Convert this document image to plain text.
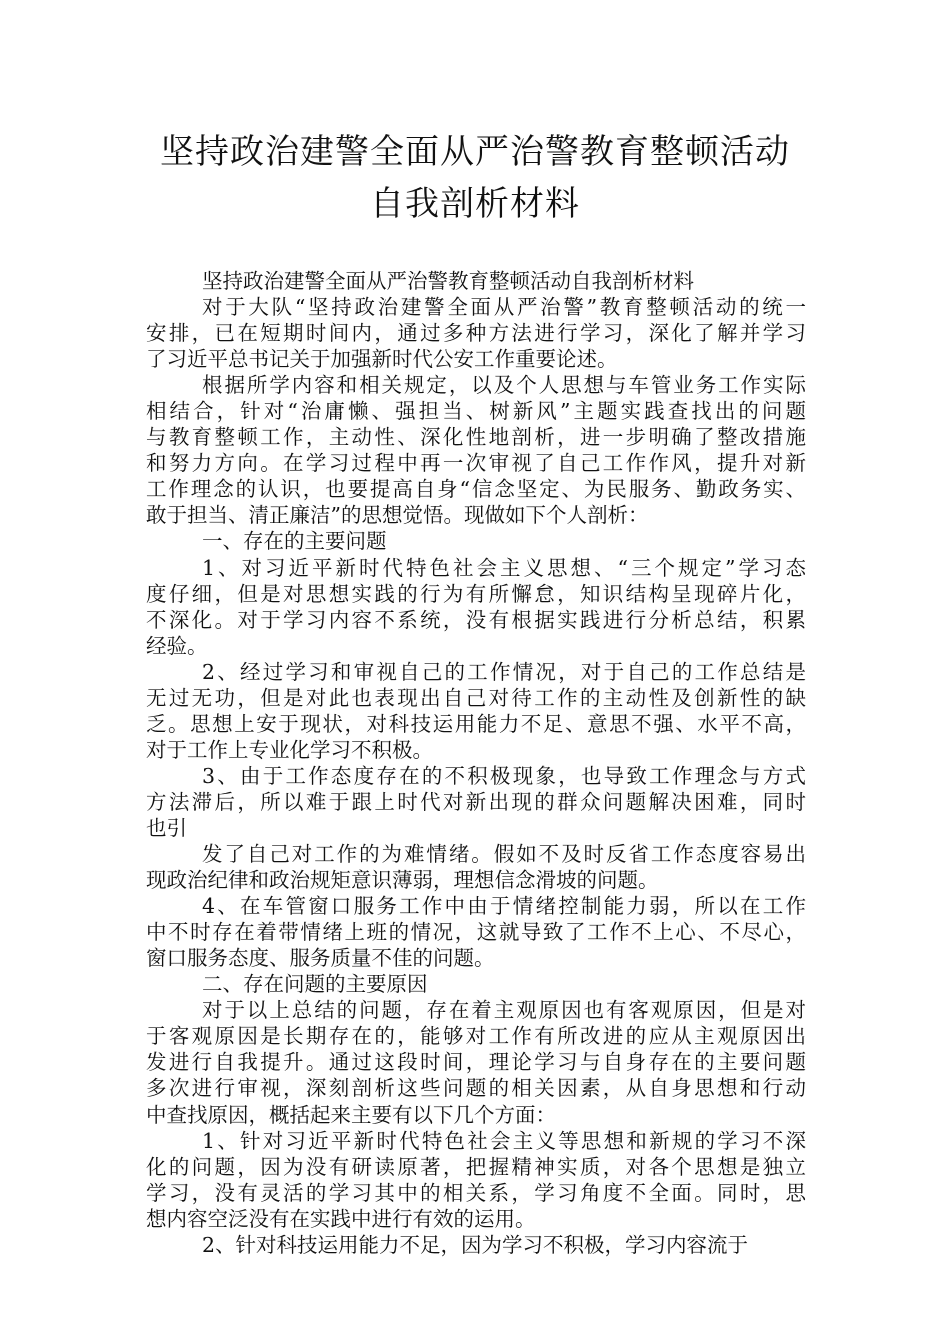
坚持政治建警全面从严治警教育整顿活动
自我剖析材料
坚持政治建警全面从严治警教育整顿活动自我剖析材料
对于大队“坚持政治建警全面从严治警”教育整顿活动的统一
安排，已在短期时间内，通过多种方法进行学习，深化了解并学习
了习近平总书记关于加强新时代公安工作重要论述。
根据所学内容和相关规定，以及个人思想与车管业务工作实际
相结合，针对“治庸懒、强担当、树新风”主题实践查找出的问题
与教育整顿工作，主动性、深化性地剖析，进一步明确了整改措施
和努力方向。在学习过程中再一次审视了自己工作作风，提升对新
工作理念的认识，也要提高自身“信念坚定、为民服务、勤政务实、
敢于担当、清正廉洁”的思想觉悟。现做如下个人剖析：
一、存在的主要问题
1、对习近平新时代特色社会主义思想、“三个规定”学习态
度仔细，但是对思想实践的行为有所懈怠，知识结构呈现碎片化，
不深化。对于学习内容不系统，没有根据实践进行分析总结，积累
经验。
2、经过学习和审视自己的工作情况，对于自己的工作总结是
无过无功，但是对此也表现出自己对待工作的主动性及创新性的缺
乏。思想上安于现状，对科技运用能力不足、意思不强、水平不高，
对于工作上专业化学习不积极。
3、由于工作态度存在的不积极现象，也导致工作理念与方式
方法滞后，所以难于跟上时代对新出现的群众问题解决困难，同时
也引
发了自己对工作的为难情绪。假如不及时反省工作态度容易出
现政治纪律和政治规矩意识薄弱，理想信念滑坡的问题。
4、在车管窗口服务工作中由于情绪控制能力弱，所以在工作
中不时存在着带情绪上班的情况，这就导致了工作不上心、不尽心，
窗口服务态度、服务质量不佳的问题。
二、存在问题的主要原因
对于以上总结的问题，存在着主观原因也有客观原因，但是对
于客观原因是长期存在的，能够对工作有所改进的应从主观原因出
发进行自我提升。通过这段时间，理论学习与自身存在的主要问题
多次进行审视，深刻剖析这些问题的相关因素，从自身思想和行动
中查找原因，概括起来主要有以下几个方面：
1、针对习近平新时代特色社会主义等思想和新规的学习不深
化的问题，因为没有研读原著，把握精神实质，对各个思想是独立
学习，没有灵活的学习其中的相关系，学习角度不全面。同时，思
想内容空泛没有在实践中进行有效的运用。
2、针对科技运用能力不足，因为学习不积极，学习内容流于
